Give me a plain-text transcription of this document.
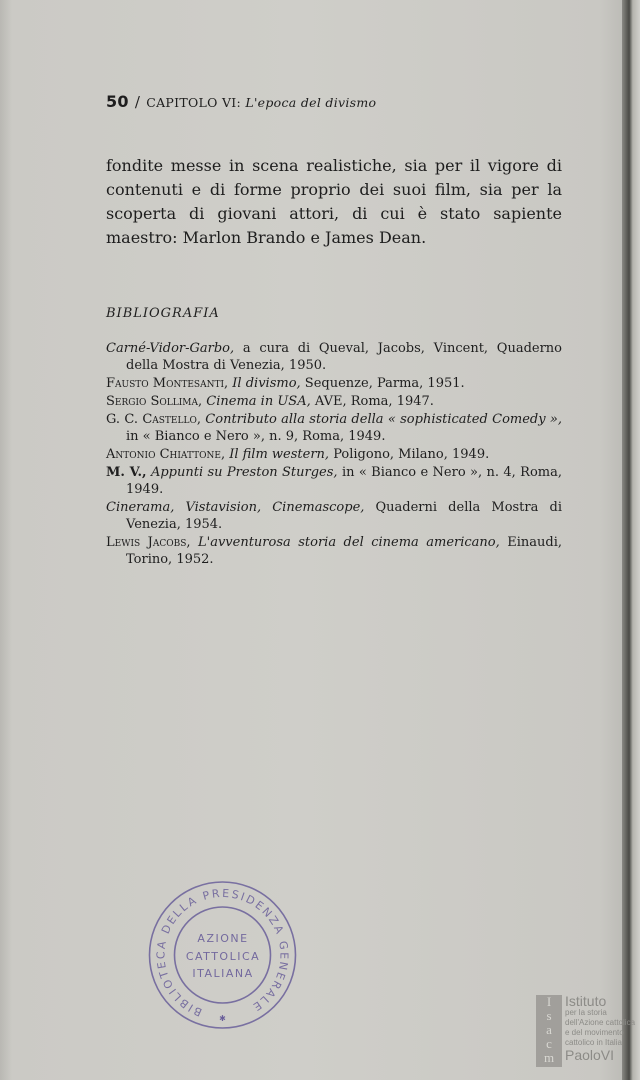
50 / CAPITOLO VI: L'epoca del divismo
fondite messe in scena realistiche, sia per il vigore di contenuti e di forme proprio dei suoi film, sia per la scoperta di giovani attori, di cui è stato sapiente maestro: Marlon Brando e James Dean.
BIBLIOGRAFIA
Carné-Vidor-Garbo, a cura di Queval, Jacobs, Vincent, Quaderno della Mostra di Venezia, 1950.
Fausto Montesanti, Il divismo, Sequenze, Parma, 1951.
Sergio Sollima, Cinema in USA, AVE, Roma, 1947.
G. C. Castello, Contributo alla storia della « sophisticated Comedy », in « Bianco e Nero », n. 9, Roma, 1949.
Antonio Chiattone, Il film western, Poligono, Milano, 1949.
M. V., Appunti su Preston Sturges, in « Bianco e Nero », n. 4, Roma, 1949.
Cinerama, Vistavision, Cinemascope, Quaderni della Mostra di Venezia, 1954.
Lewis Jacobs, L'avventurosa storia del cinema americano, Einaudi, Torino, 1952.
BIBLIOTECA DELLA PRESIDENZA GENERALE
AZIONE
CATTOLICA
ITALIANA
✱
I
s
a
c
m
Istituto
per la storia
dell'Azione cattolica
e del movimento
cattolico in Italia
PaoloVI
